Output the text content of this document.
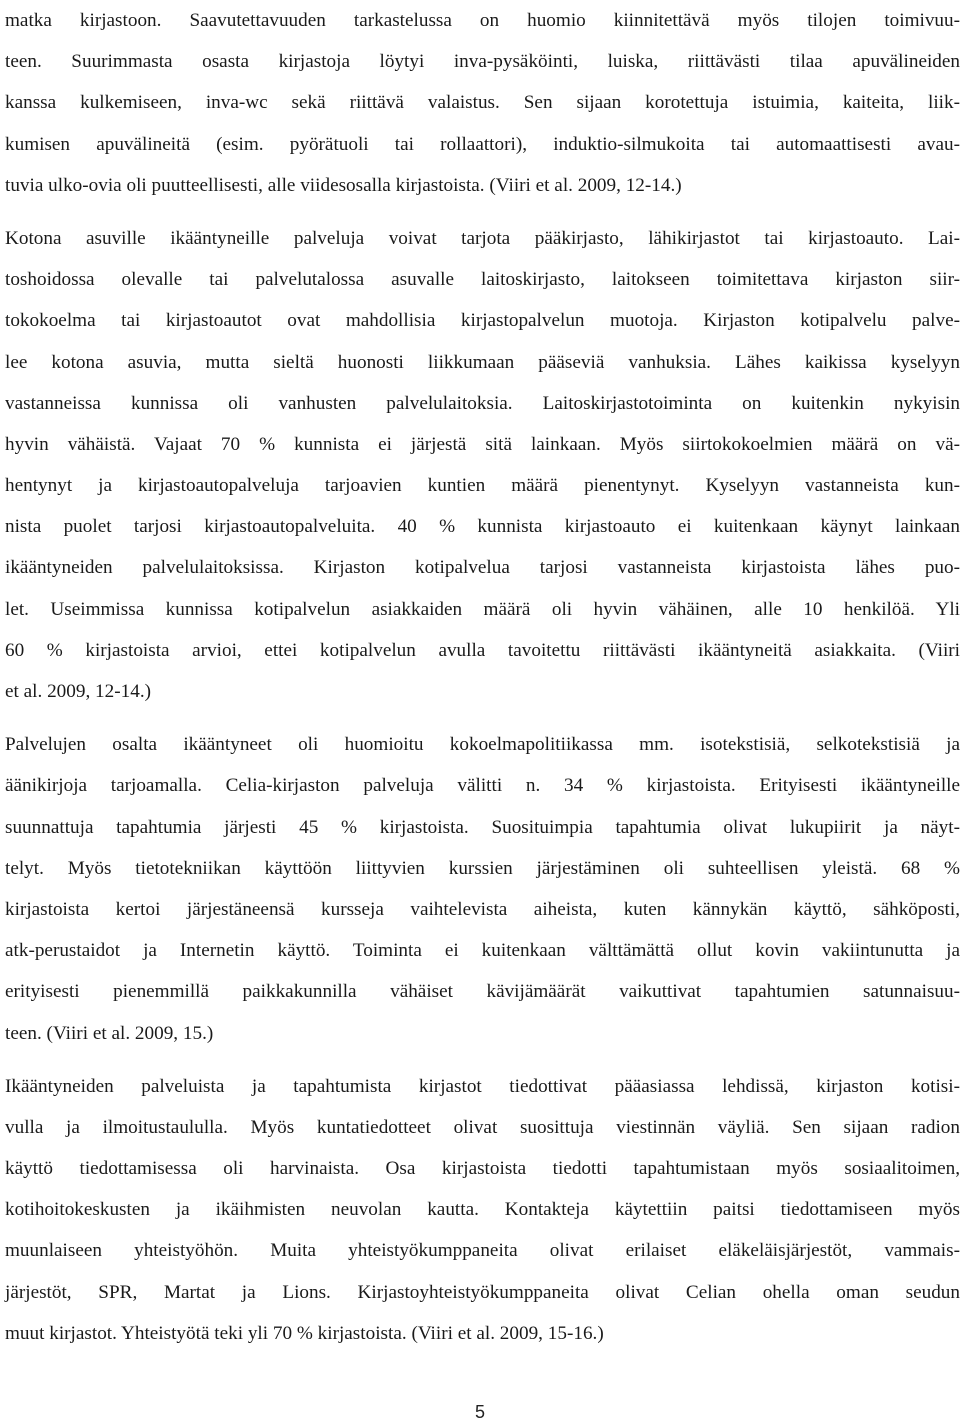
matka kirjastoon. Saavutettavuuden tarkastelussa on huomio kiinnitettävä myös tilojen toimivuu-
teen. Suurimmasta osasta kirjastoja löytyi inva-pysäköinti, luiska, riittävästi tilaa apuvälineiden
kanssa kulkemiseen, inva-wc sekä riittävä valaistus. Sen sijaan korotettuja istuimia, kaiteita, liik-
kumisen apuvälineitä (esim. pyörätuoli tai rollaattori), induktio-silmukoita tai automaattisesti avau-
tuvia ulko-ovia oli puutteellisesti, alle viidesosalla kirjastoista. (Viiri et al. 2009, 12-14.)
Kotona asuville ikääntyneille palveluja voivat tarjota pääkirjasto, lähikirjastot tai kirjastoauto. Lai-
toshoidossa olevalle tai palvelutalossa asuvalle laitoskirjasto, laitokseen toimitettava kirjaston siir-
tokokoelma tai kirjastoautot ovat mahdollisia kirjastopalvelun muotoja. Kirjaston kotipalvelu palve-
lee kotona asuvia, mutta sieltä huonosti liikkumaan pääseviä vanhuksia. Lähes kaikissa kyselyyn
vastanneissa kunnissa oli vanhusten palvelulaitoksia. Laitoskirjastotoiminta on kuitenkin nykyisin
hyvin vähäistä. Vajaat 70 % kunnista ei järjestä sitä lainkaan. Myös siirtokokoelmien määrä on vä-
hentynyt ja kirjastoautopalveluja tarjoavien kuntien määrä pienentynyt. Kyselyyn vastanneista kun-
nista puolet tarjosi kirjastoautopalveluita. 40 % kunnista kirjastoauto ei kuitenkaan käynyt lainkaan
ikääntyneiden palvelulaitoksissa. Kirjaston kotipalvelua tarjosi vastanneista kirjastoista lähes puo-
let. Useimmissa kunnissa kotipalvelun asiakkaiden määrä oli hyvin vähäinen, alle 10 henkilöä. Yli
60 % kirjastoista arvioi, ettei kotipalvelun avulla tavoitettu riittävästi ikääntyneitä asiakkaita. (Viiri
et al. 2009, 12-14.)
Palvelujen osalta ikääntyneet oli huomioitu kokoelmapolitiikassa mm. isotekstisiä, selkotekstisiä ja
äänikirjoja tarjoamalla. Celia-kirjaston palveluja välitti n. 34 % kirjastoista. Erityisesti ikääntyneille
suunnattuja tapahtumia järjesti 45 % kirjastoista. Suosituimpia tapahtumia olivat lukupiirit ja näyt-
telyt. Myös tietotekniikan käyttöön liittyvien kurssien järjestäminen oli suhteellisen yleistä. 68 %
kirjastoista kertoi järjestäneensä kursseja vaihtelevista aiheista, kuten kännykän käyttö, sähköposti,
atk-perustaidot ja Internetin käyttö. Toiminta ei kuitenkaan välttämättä ollut kovin vakiintunutta ja
erityisesti pienemmillä paikkakunnilla vähäiset kävijämäärät vaikuttivat tapahtumien satunnaisuu-
teen. (Viiri et al. 2009, 15.)
Ikääntyneiden palveluista ja tapahtumista kirjastot tiedottivat pääasiassa lehdissä, kirjaston kotisi-
vulla ja ilmoitustaululla. Myös kuntatiedotteet olivat suosittuja viestinnän väyliä. Sen sijaan radion
käyttö tiedottamisessa oli harvinaista. Osa kirjastoista tiedotti tapahtumistaan myös sosiaalitoimen,
kotihoitokeskusten ja ikäihmisten neuvolan kautta. Kontakteja käytettiin paitsi tiedottamiseen myös
muunlaiseen yhteistyöhön. Muita yhteistyökumppaneita olivat erilaiset eläkeläisjärjestöt, vammais-
järjestöt, SPR, Martat ja Lions. Kirjastoyhteistyökumppaneita olivat Celian ohella oman seudun
muut kirjastot. Yhteistyötä teki yli 70 % kirjastoista. (Viiri et al. 2009, 15-16.)
5
